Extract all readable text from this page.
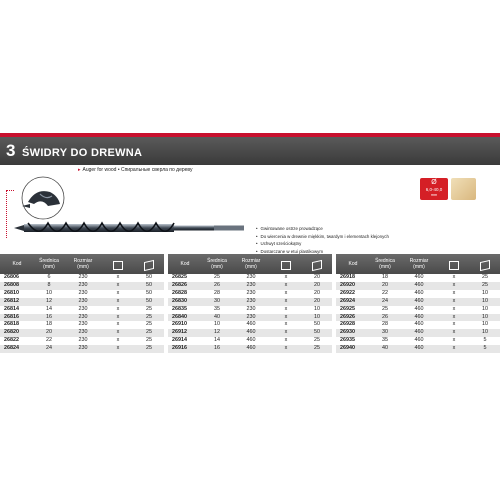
3 ŚWIDRY DO DREWNA
▸ Auger for wood • Спиральные сверла по дереву
Ø
6,0-40,0
mm
• Gwintowane ostrze prowadzące
• Do wiercenia w drewnie miękkim, twardym i elementach klejonych
• Uchwyt sześciokątny
• Dostarczane w etui plastikowym
Kod	Średnica
(mm)	Rozmiar
(mm)		
26806	6	230	x	50
26808	8	230	x	50
26810	10	230	x	50
26812	12	230	x	50
26814	14	230	x	25
26816	16	230	x	25
26818	18	230	x	25
26820	20	230	x	25
26822	22	230	x	25
26824	24	230	x	25
Kod	Średnica
(mm)	Rozmiar
(mm)		
26825	25	230	x	20
26826	26	230	x	20
26828	28	230	x	20
26830	30	230	x	20
26835	35	230	x	10
26840	40	230	x	10
26910	10	460	x	50
26912	12	460	x	50
26914	14	460	x	25
26916	16	460	x	25
Kod	Średnica
(mm)	Rozmiar
(mm)		
26918	18	460	x	25
26920	20	460	x	25
26922	22	460	x	10
26924	24	460	x	10
26925	25	460	x	10
26926	26	460	x	10
26928	28	460	x	10
26930	30	460	x	10
26935	35	460	x	5
26940	40	460	x	5
